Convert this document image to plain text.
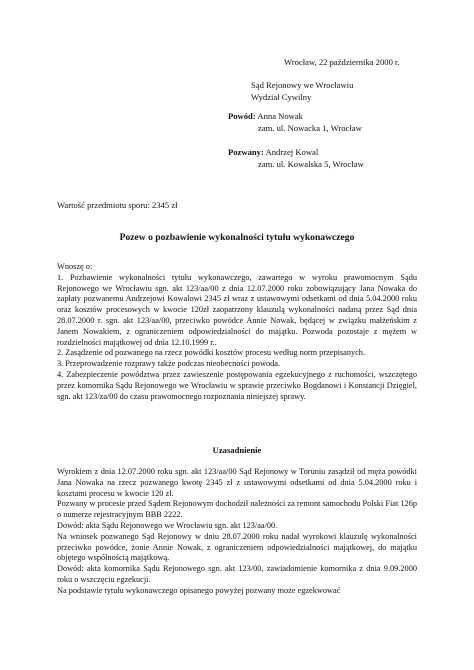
Wrocław, 22 października 2000 r.
Sąd Rejonowy we Wrocławiu
Wydział Cywilny
Powód: Anna Nowak
zam. ul. Nowacka 1, Wrocław
Pozwany: Andrzej Kowal
zam. ul. Kowalska 5, Wrocław
Wartość przedmiotu sporu: 2345 zł
Pozew o pozbawienie wykonalności tytułu wykonawczego

Wnoszę o:

1. Pozbawienie wykonalności tytułu wykonawczego, zawartego w wyroku prawomocnym Sądu Rejonowego we Wrocławiu sgn. akt 123/aa/00 z dnia 12.07.2000 roku zobowiązujący Jana Nowaka do zapłaty pozwanemu Andrzejowi Kowalowi 2345 zł wraz z ustawowymi odsetkami od dnia 5.04.2000 roku oraz kosztów procesowych w kwocie 120zł zaopatrzony klauzulą wykonalności nadaną przez Sąd dnia 28.07.2000 r. sgn. akt 123/aa/00, przeciwko powódce Annie Nowak, będącej w związku małżeńskim z Janem Nowakiem, z ograniczeniem odpowiedzialności do majątku. Pozwoda pozostaje z mężem w rozdzielności majątkowej od dnia 12.10.1999 r..

2. Zasądzenie od pozwanego na rzecz powódki kosztów procesu według norm przepisanych.

3. Przeprowadzenie rozprawy także podczas nieobecności powoda.

4. Zabezpieczenie powództwa przez zawieszenie postępowania egzekucyjnego z ruchomości, wszczętego przez komornika Sądu Rejonowego we Wrocławiu w sprawie przeciwko Bogdanowi i Konstancji Dzięgiel, sgn. akt 123/za/00 do czasu prawomocnego rozpoznania niniejszej sprawy.

Uzasadnienie

Wyrokiem z dnia 12.07.2000 roku sgn. akt 123/aa/00 Sąd Rejonowy w Toruniu zasądził od męża powódki Jana Nowaka na rzecz pozwanego kwotę 2345 zł z ustawowymi odsetkami od dnia 5.04.2000 roku i kosztami procesu w kwocie 120 zł.

Pozwany w procesie przed Sądem Rejonowym dochodził należności za remont samochodu Polski Fiat 126p o numerze rejestracyjnym BBB 2222.

Dowód: akta Sądu Rejonowego we Wrocławiu sgn. akt 123/aa/00.

Na wniosek pozwanego Sąd Rejonowy w dniu 28.07.2000 roku nadał wyrokowi klauzulę wykonalności przeciwko powódce, żonie Annie Nowak, z ograniczeniem odpowiedzialności majątkowej, do majątku objętego współnością majątkową.

Dowód: akta komornika Sądu Rejonowego sgn. akt 123/00, zawiadomienie komornika z dnia 9.09.2000 roku o wszczęciu egzekucji.

Na podstawie tytułu wykonawczego opisanego powyżej pozwany może egzekwować
